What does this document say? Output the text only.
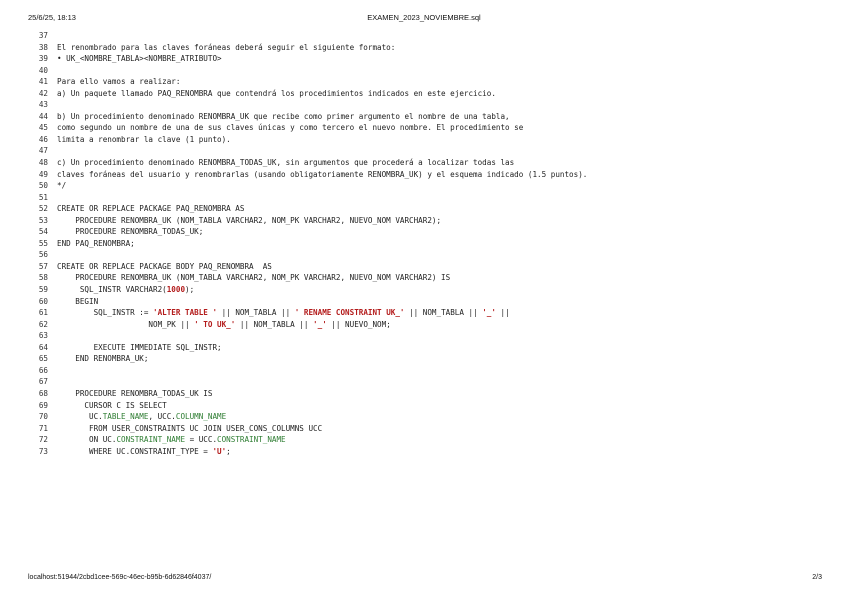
25/6/25, 18:13	EXAMEN_2023_NOVIEMBRE.sql
37
38 El renombrado para las claves foráneas deberá seguir el siguiente formato:
39 • UK_<NOMBRE_TABLA><NOMBRE_ATRIBUTO>
40
41 Para ello vamos a realizar:
42 a) Un paquete llamado PAQ_RENOMBRA que contendrá los procedimientos indicados en este ejercicio.
43
44 b) Un procedimiento denominado RENOMBRA_UK que recibe como primer argumento el nombre de una tabla,
45 como segundo un nombre de una de sus claves únicas y como tercero el nuevo nombre. El procedimiento se
46 limita a renombrar la clave (1 punto).
47
48 c) Un procedimiento denominado RENOMBRA_TODAS_UK, sin argumentos que procederá a localizar todas las
49 claves foráneas del usuario y renombrarlas (usando obligatoriamente RENOMBRA_UK) y el esquema indicado (1.5 puntos).
50 */
51
52 CREATE OR REPLACE PACKAGE PAQ_RENOMBRA AS
53    PROCEDURE RENOMBRA_UK (NOM_TABLA VARCHAR2, NOM_PK VARCHAR2, NUEVO_NOM VARCHAR2);
54    PROCEDURE RENOMBRA_TODAS_UK;
55 END PAQ_RENOMBRA;
56
57 CREATE OR REPLACE PACKAGE BODY PAQ_RENOMBRA  AS
58    PROCEDURE RENOMBRA_UK (NOM_TABLA VARCHAR2, NOM_PK VARCHAR2, NUEVO_NOM VARCHAR2) IS
59     SQL_INSTR VARCHAR2(1000);
60    BEGIN
61        SQL_INSTR := 'ALTER TABLE ' || NOM_TABLA || ' RENAME CONSTRAINT UK_' || NOM_TABLA || '_' ||
62                    NOM_PK || ' TO UK_' || NOM_TABLA || '_' || NUEVO_NOM;
63
64        EXECUTE IMMEDIATE SQL_INSTR;
65    END RENOMBRA_UK;
66
67
68    PROCEDURE RENOMBRA_TODAS_UK IS
69      CURSOR C IS SELECT
70       UC.TABLE_NAME, UCC.COLUMN_NAME
71       FROM USER_CONSTRAINTS UC JOIN USER_CONS_COLUMNS UCC
72       ON UC.CONSTRAINT_NAME = UCC.CONSTRAINT_NAME
73       WHERE UC.CONSTRAINT_TYPE = 'U';
localhost:51944/2cbd1cee-569c-46ec-b95b-6d62846f4037/	2/3
